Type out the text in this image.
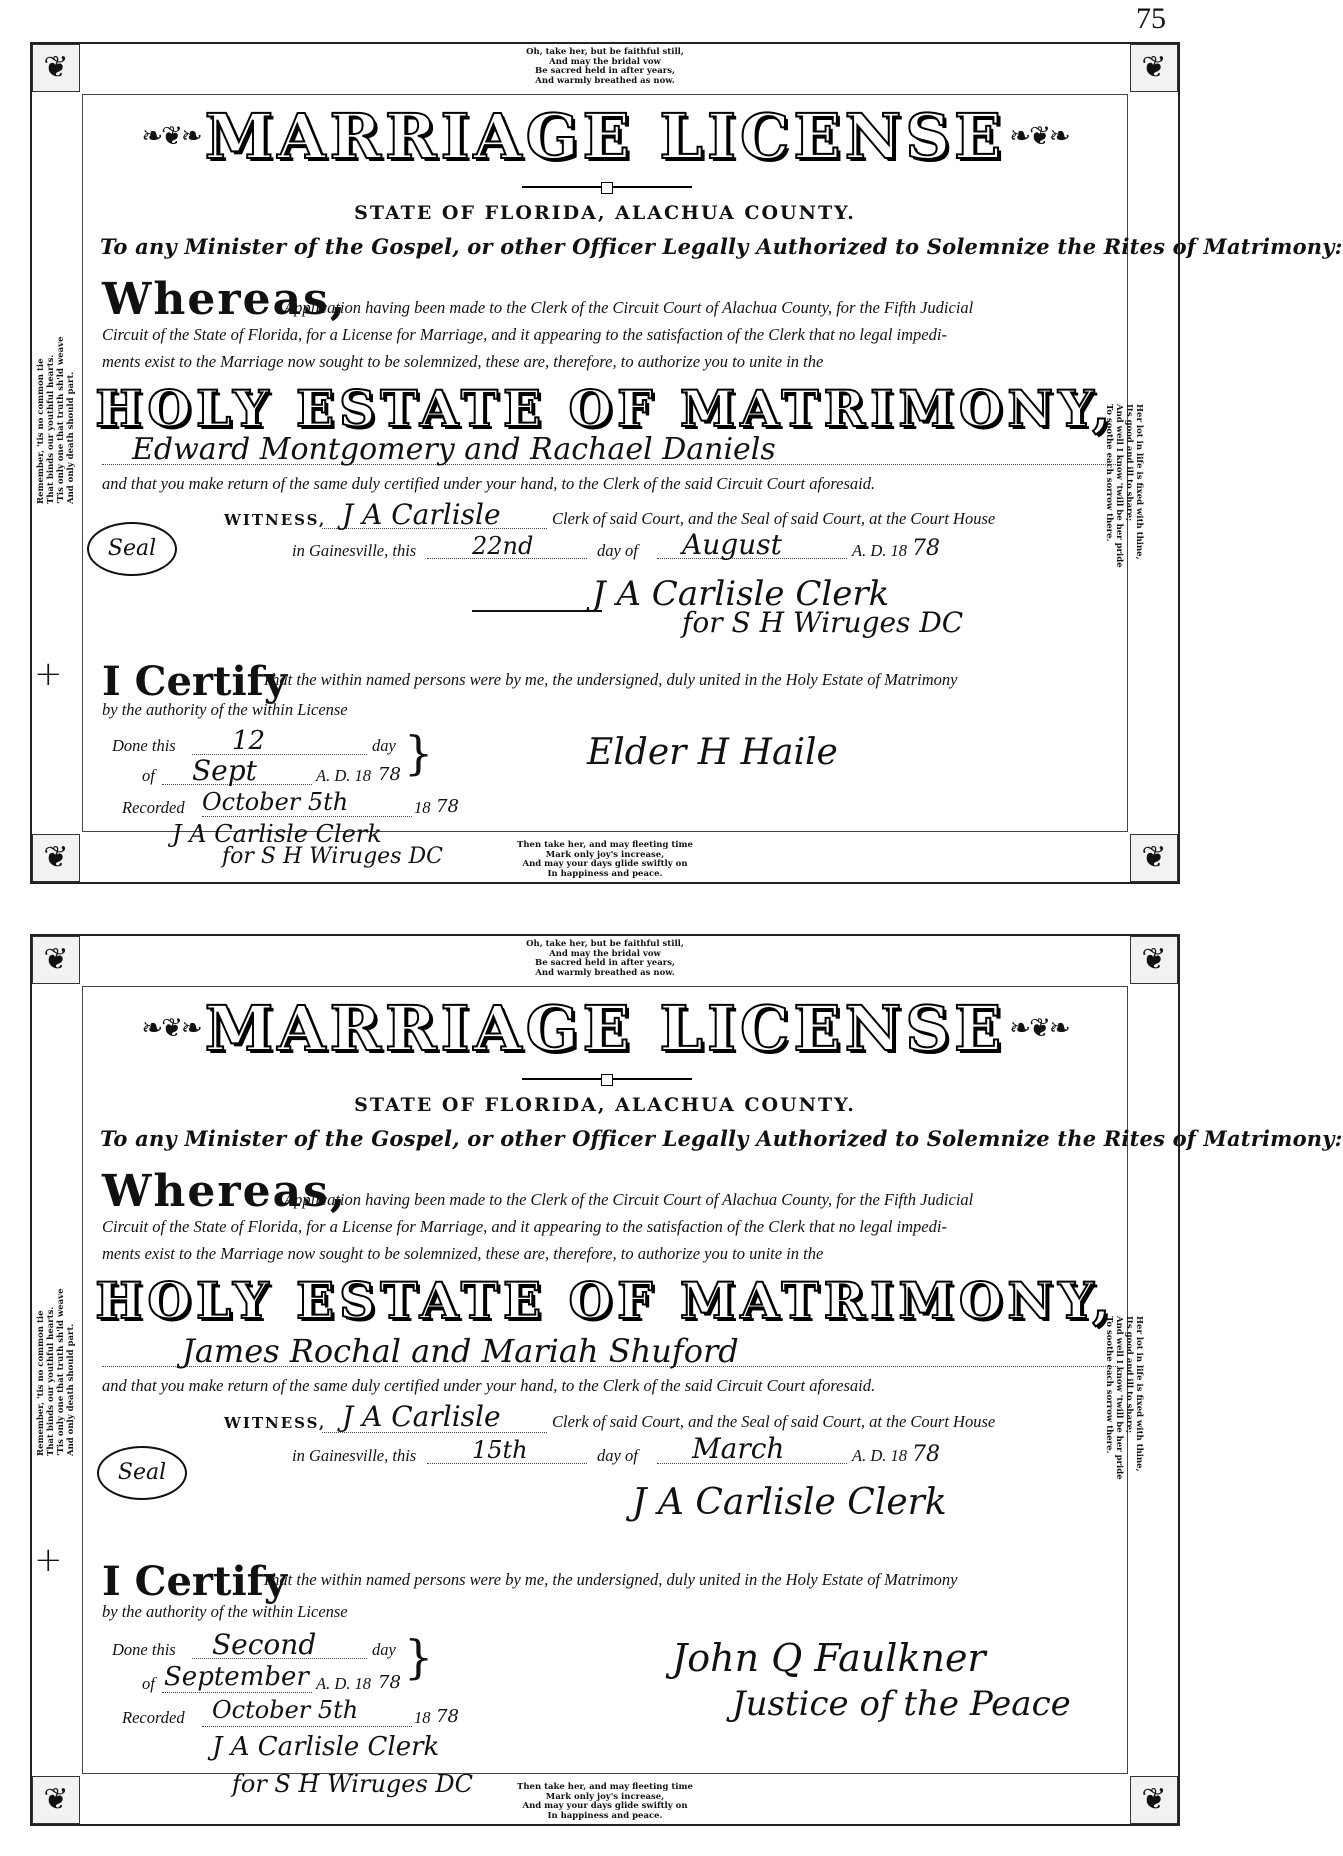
75
❦	❦
❦	❦
Oh, take her, but be faithful still,
And may the bridal vow
Be sacred held in after years,
And warmly breathed as now.
Then take her, and may fleeting time
Mark only joy's increase,
And may your days glide swiftly on
In happiness and peace.
Remember, 'tis no common tie That binds our youthful hearts. 'Tis only one that truth sh'ld weave And only death should part.	Her lot in life is fixed with thine,
Its good and ill to share;
And well I know 'twill be her pride
To soothe each sorrow there.
❧❦❧ MARRIAGE LICENSE ❧❦❧
STATE OF FLORIDA, ALACHUA COUNTY.
To any Minister of the Gospel, or other Officer Legally Authorized to Solemnize the Rites of Matrimony:
Whereas,
Application having been made to the Clerk of the Circuit Court of Alachua County, for the Fifth Judicial
Circuit of the State of Florida, for a License for Marriage, and it appearing to the satisfaction of the Clerk that no legal impedi-
ments exist to the Marriage now sought to be solemnized, these are, therefore, to authorize you to unite in the
HOLY ESTATE OF MATRIMONY,
Edward Montgomery and Rachael Daniels
and that you make return of the same duly certified under your hand, to the Clerk of the said Circuit Court aforesaid.
WITNESS, J A Carlisle	Clerk of said Court, and the Seal of said Court, at the Court House
in Gainesville, this 22nd	day of August	A. D. 18 78
Seal
J A Carlisle Clerk
for S H Wiruges DC
+ I Certify
That the within named persons were by me, the undersigned, duly united in the Holy Estate of Matrimony
by the authority of the within License
Done this 12	day }
of Sept	A. D. 18 78
Elder H Haile
Recorded October 5th	18 78
J A Carlisle Clerk
for S H Wiruges DC
❦	❦
❦	❦
Oh, take her, but be faithful still,
And may the bridal vow
Be sacred held in after years,
And warmly breathed as now.
Then take her, and may fleeting time
Mark only joy's increase,
And may your days glide swiftly on
In happiness and peace.
Remember, 'tis no common tie That binds our youthful hearts. 'Tis only one that truth sh'ld weave And only death should part.	Her lot in life is fixed with thine,
Its good and ill to share;
And well I know 'twill be her pride
To soothe each sorrow there.
❧❦❧ MARRIAGE LICENSE ❧❦❧
STATE OF FLORIDA, ALACHUA COUNTY.
To any Minister of the Gospel, or other Officer Legally Authorized to Solemnize the Rites of Matrimony:
Whereas,
Application having been made to the Clerk of the Circuit Court of Alachua County, for the Fifth Judicial
Circuit of the State of Florida, for a License for Marriage, and it appearing to the satisfaction of the Clerk that no legal impedi-
ments exist to the Marriage now sought to be solemnized, these are, therefore, to authorize you to unite in the
HOLY ESTATE OF MATRIMONY,
James Rochal and Mariah Shuford
and that you make return of the same duly certified under your hand, to the Clerk of the said Circuit Court aforesaid.
WITNESS, J A Carlisle	Clerk of said Court, and the Seal of said Court, at the Court House
in Gainesville, this 15th	day of March	A. D. 18 78
Seal
J A Carlisle Clerk
+ I Certify
That the within named persons were by me, the undersigned, duly united in the Holy Estate of Matrimony
by the authority of the within License
Done this Second	day }
of September A. D. 18 78
John Q Faulkner
Justice of the Peace
Recorded October 5th	18 78
J A Carlisle Clerk
for S H Wiruges DC
